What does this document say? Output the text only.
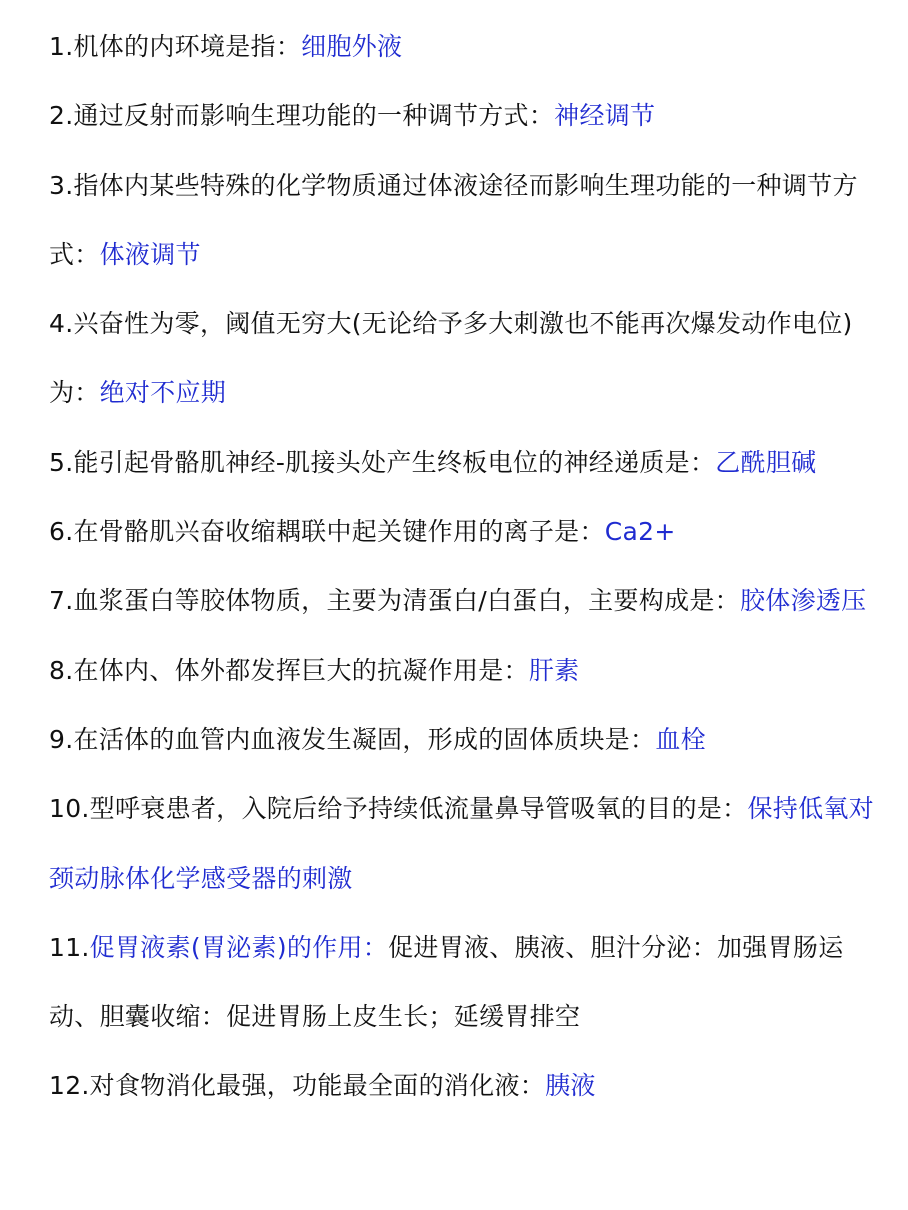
1.机体的内环境是指：细胞外液

2.通过反射而影响生理功能的一种调节方式：神经调节

3.指体内某些特殊的化学物质通过体液途径而影响生理功能的一种调节方式：体液调节

4.兴奋性为零，阈值无穷大(无论给予多大刺激也不能再次爆发动作电位)为：绝对不应期

5.能引起骨骼肌神经-肌接头处产生终板电位的神经递质是：乙酰胆碱

6.在骨骼肌兴奋收缩耦联中起关键作用的离子是：Ca2+

7.血浆蛋白等胶体物质，主要为清蛋白/白蛋白，主要构成是：胶体渗透压

8.在体内、体外都发挥巨大的抗凝作用是：肝素

9.在活体的血管内血液发生凝固，形成的固体质块是：血栓

10.型呼衰患者，入院后给予持续低流量鼻导管吸氧的目的是：保持低氧对颈动脉体化学感受器的刺激

11.促胃液素(胃泌素)的作用：促进胃液、胰液、胆汁分泌：加强胃肠运动、胆囊收缩：促进胃肠上皮生长；延缓胃排空

12.对食物消化最强，功能最全面的消化液：胰液
